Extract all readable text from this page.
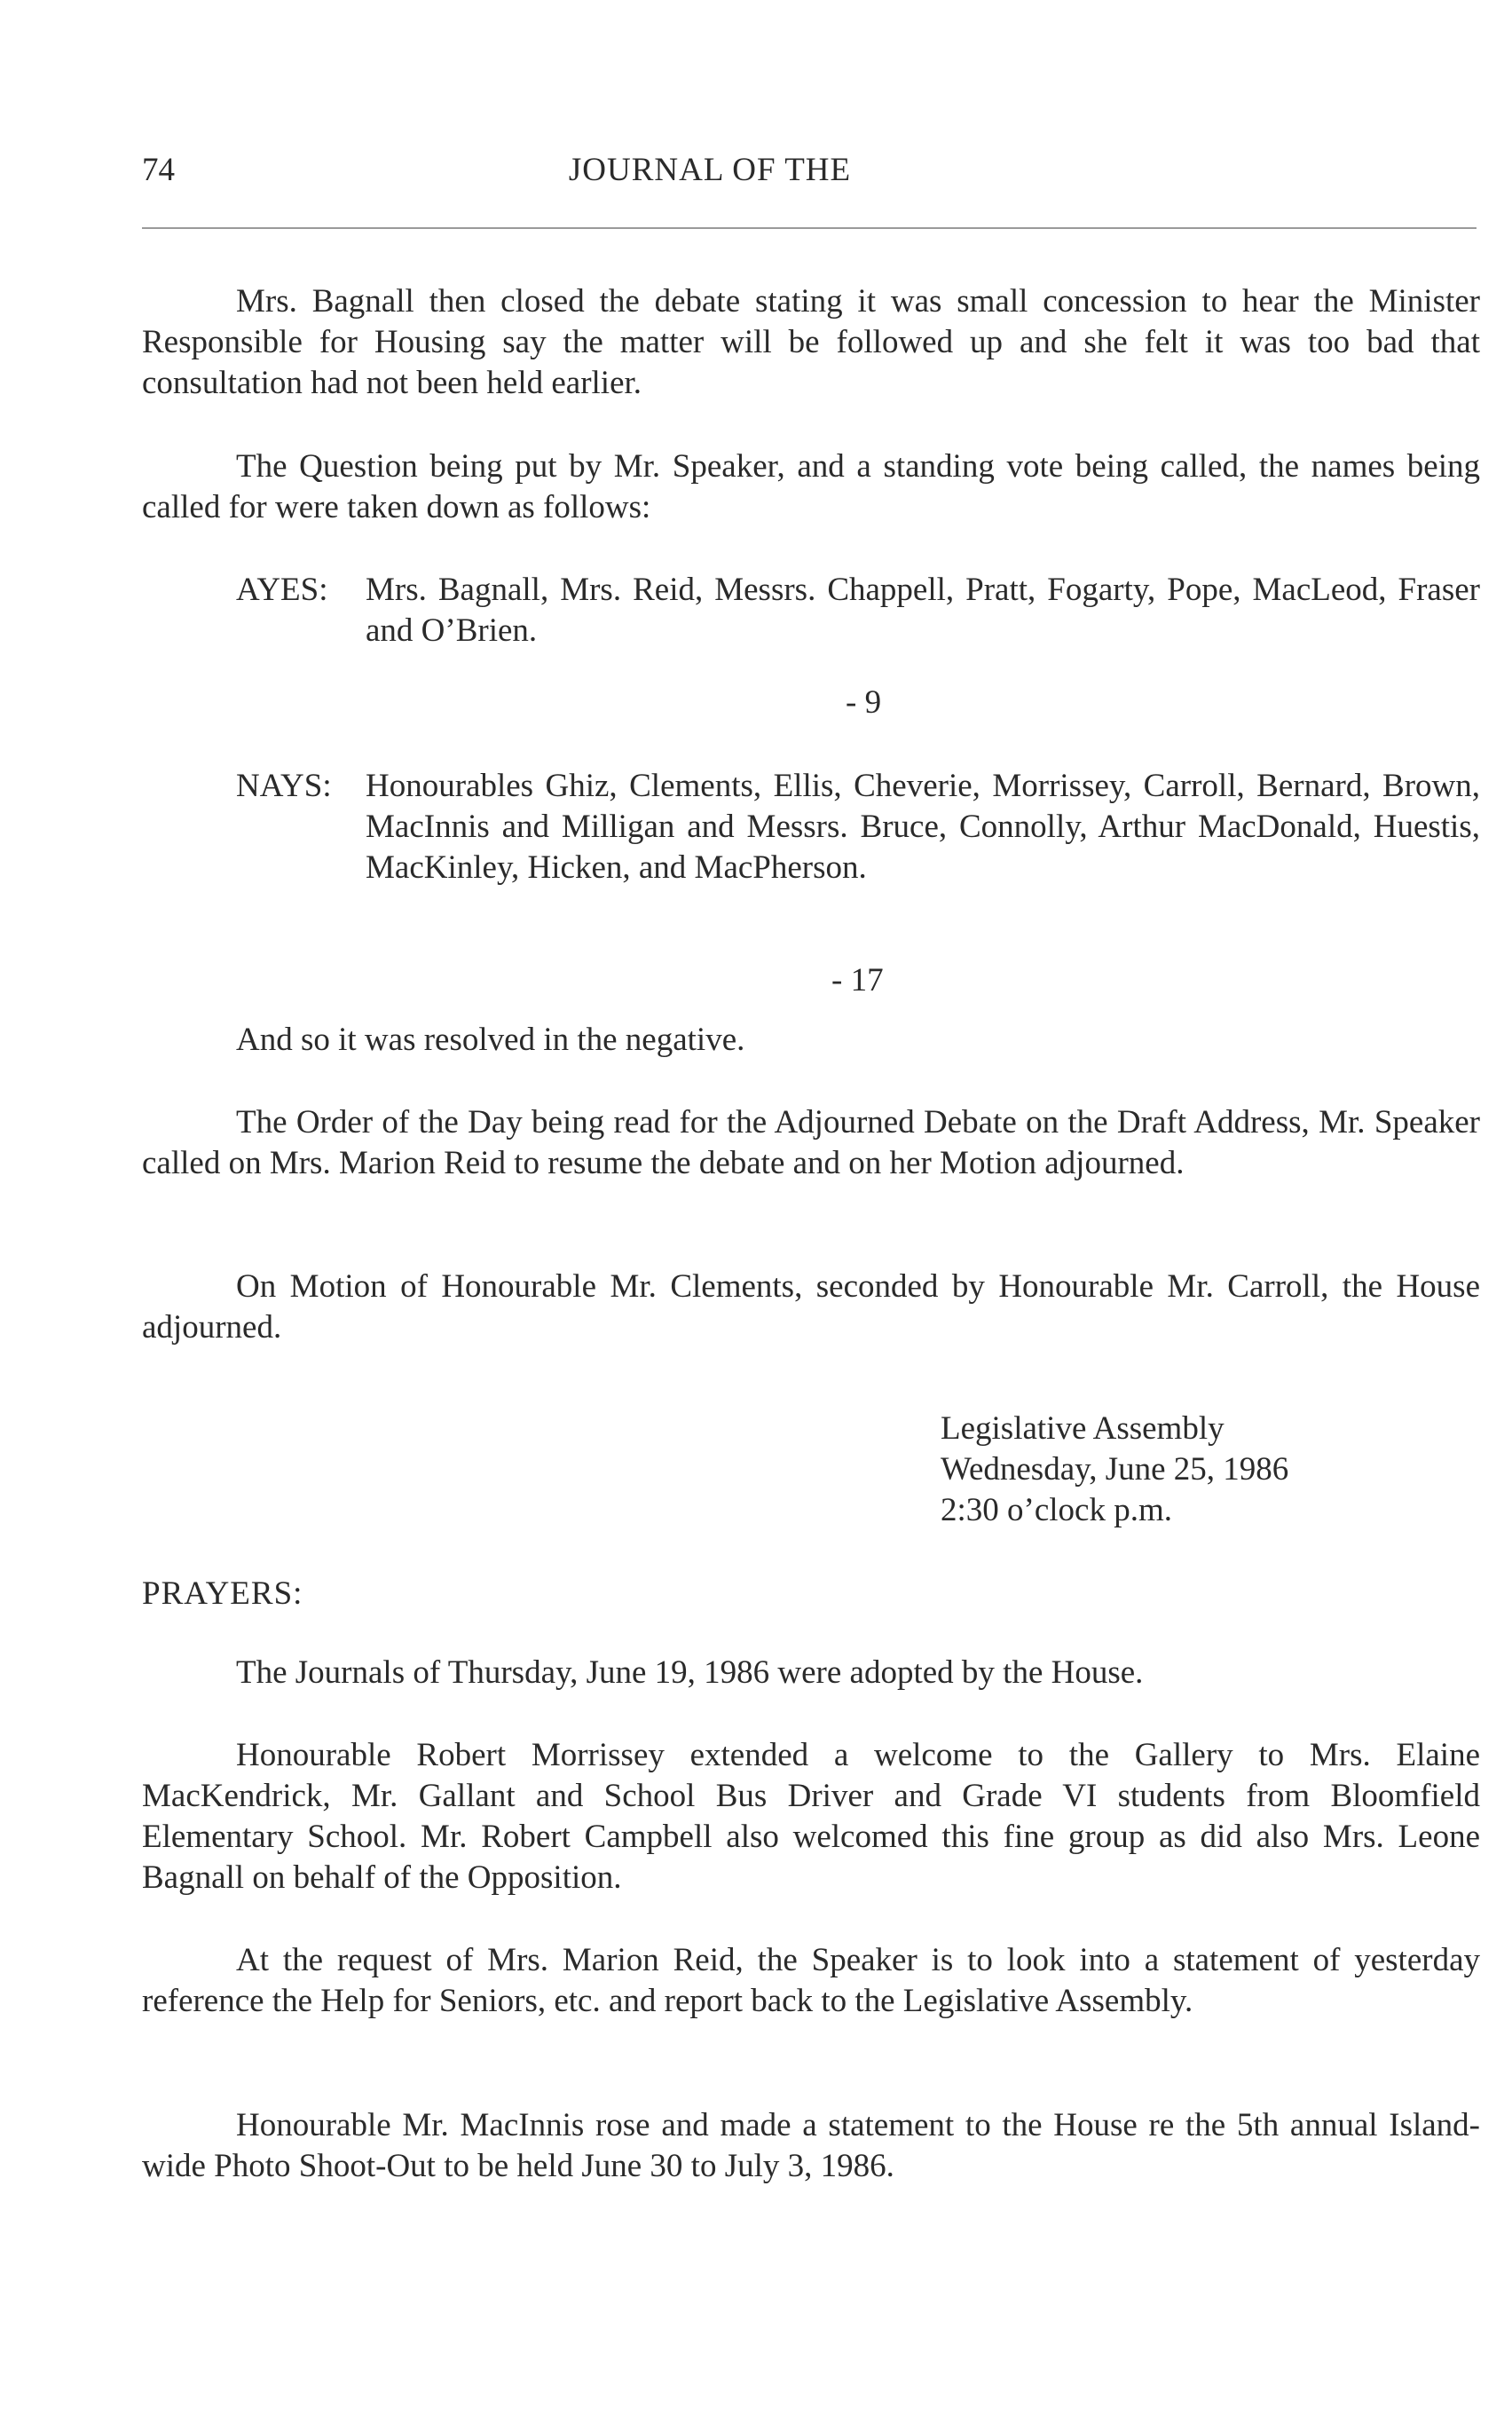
74	JOURNAL OF THE

Mrs. Bagnall then closed the debate stating it was small concession to hear the Minister Responsible for Housing say the matter will be followed up and she felt it was too bad that consultation had not been held earlier.

The Question being put by Mr. Speaker, and a standing vote being called, the names being called for were taken down as follows:

AYES: Mrs. Bagnall, Mrs. Reid, Messrs. Chappell, Pratt, Fogarty, Pope, MacLeod, Fraser and O’Brien.
- 9
NAYS: Honourables Ghiz, Clements, Ellis, Cheverie, Morrissey, Carroll, Bernard, Brown, MacInnis and Milligan and Messrs. Bruce, Connolly, Arthur MacDonald, Huestis, MacKinley, Hicken, and MacPherson.
- 17

And so it was resolved in the negative.

The Order of the Day being read for the Adjourned Debate on the Draft Address, Mr. Speaker called on Mrs. Marion Reid to resume the debate and on her Motion adjourned.

On Motion of Honourable Mr. Clements, seconded by Honourable Mr. Carroll, the House adjourned.

Legislative Assembly
Wednesday, June 25, 1986
2:30 o’clock p.m.
PRAYERS:

The Journals of Thursday, June 19, 1986 were adopted by the House.

Honourable Robert Morrissey extended a welcome to the Gallery to Mrs. Elaine MacKendrick, Mr. Gallant and School Bus Driver and Grade VI students from Bloomfield Elementary School. Mr. Robert Campbell also welcomed this fine group as did also Mrs. Leone Bagnall on behalf of the Opposition.

At the request of Mrs. Marion Reid, the Speaker is to look into a statement of yesterday reference the Help for Seniors, etc. and report back to the Legislative Assembly.

Honourable Mr. MacInnis rose and made a statement to the House re the 5th annual Island-wide Photo Shoot-Out to be held June 30 to July 3, 1986.
